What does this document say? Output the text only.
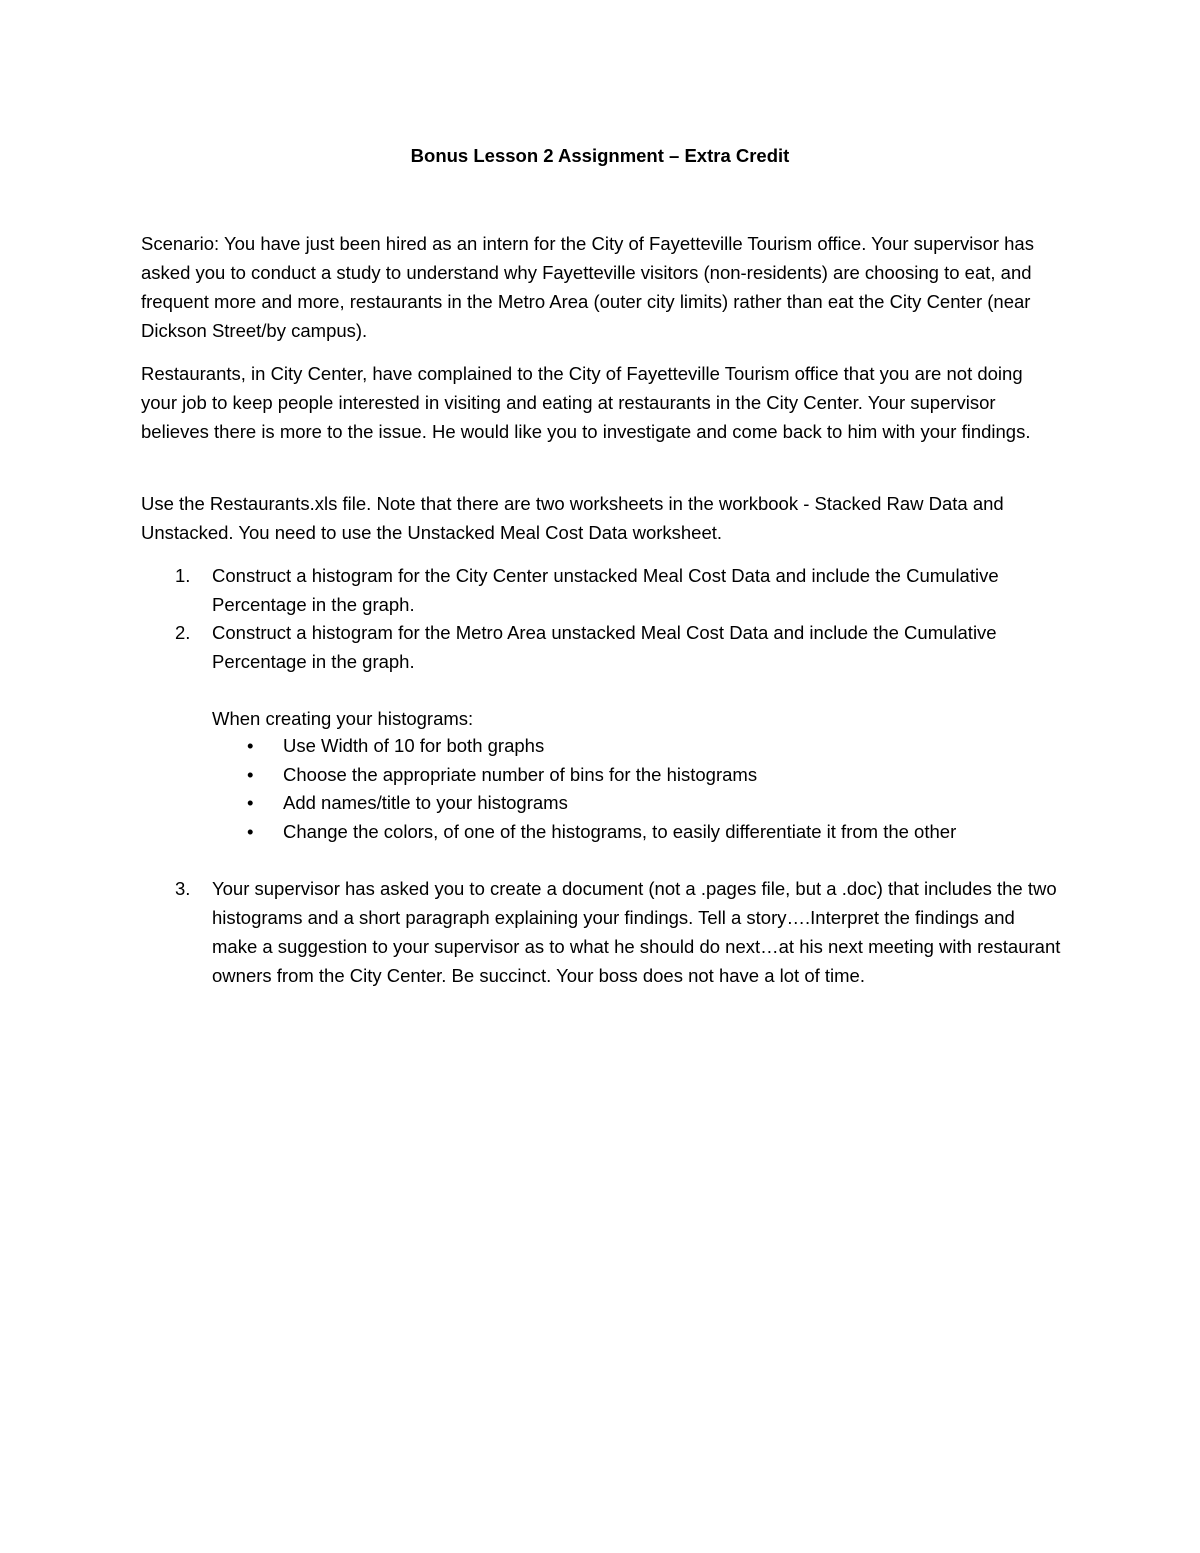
Bonus Lesson 2 Assignment – Extra Credit

Scenario: You have just been hired as an intern for the City of Fayetteville Tourism office. Your supervisor has asked you to conduct a study to understand why Fayetteville visitors (non-residents) are choosing to eat, and frequent more and more, restaurants in the Metro Area (outer city limits) rather than eat the City Center (near Dickson Street/by campus).

Restaurants, in City Center, have complained to the City of Fayetteville Tourism office that you are not doing your job to keep people interested in visiting and eating at restaurants in the City Center. Your supervisor believes there is more to the issue. He would like you to investigate and come back to him with your findings.

Use the Restaurants.xls file. Note that there are two worksheets in the workbook - Stacked Raw Data and Unstacked. You need to use the Unstacked Meal Cost Data worksheet.

1. Construct a histogram for the City Center unstacked Meal Cost Data and include the Cumulative Percentage in the graph.
2. Construct a histogram for the Metro Area unstacked Meal Cost Data and include the Cumulative Percentage in the graph.
When creating your histograms:
• Use Width of 10 for both graphs
• Choose the appropriate number of bins for the histograms
• Add names/title to your histograms
• Change the colors, of one of the histograms, to easily differentiate it from the other
3. Your supervisor has asked you to create a document (not a .pages file, but a .doc) that includes the two histograms and a short paragraph explaining your findings. Tell a story….Interpret the findings and make a suggestion to your supervisor as to what he should do next…at his next meeting with restaurant owners from the City Center. Be succinct. Your boss does not have a lot of time.
